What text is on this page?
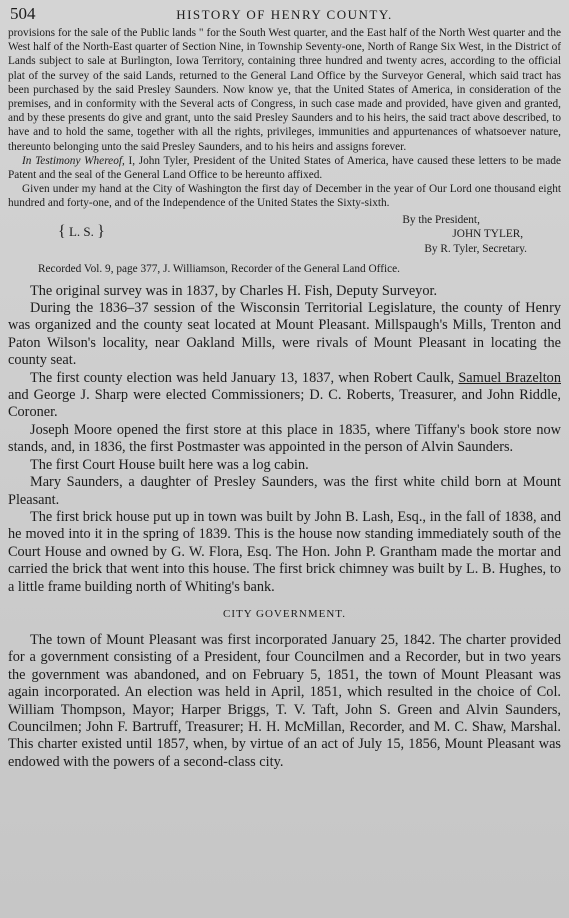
504	HISTORY OF HENRY COUNTY.

provisions for the sale of the Public lands " for the South West quarter, and the East half of the North West quarter and the West half of the North-East quarter of Section Nine, in Township Seventy-one, North of Range Six West, in the District of Lands subject to sale at Burlington, Iowa Territory, containing three hundred and twenty acres, according to the official plat of the survey of the said Lands, returned to the General Land Office by the Surveyor General, which said tract has been purchased by the said Presley Saunders. Now know ye, that the United States of America, in consideration of the premises, and in conformity with the Several acts of Congress, in such case made and provided, have given and granted, and by these presents do give and grant, unto the said Presley Saunders and to his heirs, the said tract above described, to have and to hold the same, together with all the rights, privileges, immunities and appurtenances of whatsoever nature, thereunto belonging unto the said Presley Saunders, and to his heirs and assigns forever.

In Testimony Whereof, I, John Tyler, President of the United States of America, have caused these letters to be made Patent and the seal of the General Land Office to be hereunto affixed.

Given under my hand at the City of Washington the first day of December in the year of Our Lord one thousand eight hundred and forty-one, and of the Independence of the United States the Sixty-sixth.

{ L. S. }
By the President,
JOHN TYLER,
By R. Tyler, Secretary.
Recorded Vol. 9, page 377, J. Williamson, Recorder of the General Land Office.

The original survey was in 1837, by Charles H. Fish, Deputy Surveyor.

During the 1836–37 session of the Wisconsin Territorial Legislature, the county of Henry was organized and the county seat located at Mount Pleasant. Millspaugh's Mills, Trenton and Paton Wilson's locality, near Oakland Mills, were rivals of Mount Pleasant in locating the county seat.

The first county election was held January 13, 1837, when Robert Caulk, Samuel Brazelton and George J. Sharp were elected Commissioners; D. C. Roberts, Treasurer, and John Riddle, Coroner.

Joseph Moore opened the first store at this place in 1835, where Tiffany's book store now stands, and, in 1836, the first Postmaster was appointed in the person of Alvin Saunders.

The first Court House built here was a log cabin.

Mary Saunders, a daughter of Presley Saunders, was the first white child born at Mount Pleasant.

The first brick house put up in town was built by John B. Lash, Esq., in the fall of 1838, and he moved into it in the spring of 1839. This is the house now standing immediately south of the Court House and owned by G. W. Flora, Esq. The Hon. John P. Grantham made the mortar and carried the brick that went into this house. The first brick chimney was built by L. B. Hughes, to a little frame building north of Whiting's bank.

CITY GOVERNMENT.

The town of Mount Pleasant was first incorporated January 25, 1842. The charter provided for a government consisting of a President, four Councilmen and a Recorder, but in two years the government was abandoned, and on February 5, 1851, the town of Mount Pleasant was again incorporated. An election was held in April, 1851, which resulted in the choice of Col. William Thompson, Mayor; Harper Briggs, T. V. Taft, John S. Green and Alvin Saunders, Councilmen; John F. Bartruff, Treasurer; H. H. McMillan, Recorder, and M. C. Shaw, Marshal. This charter existed until 1857, when, by virtue of an act of July 15, 1856, Mount Pleasant was endowed with the powers of a second-class city.
